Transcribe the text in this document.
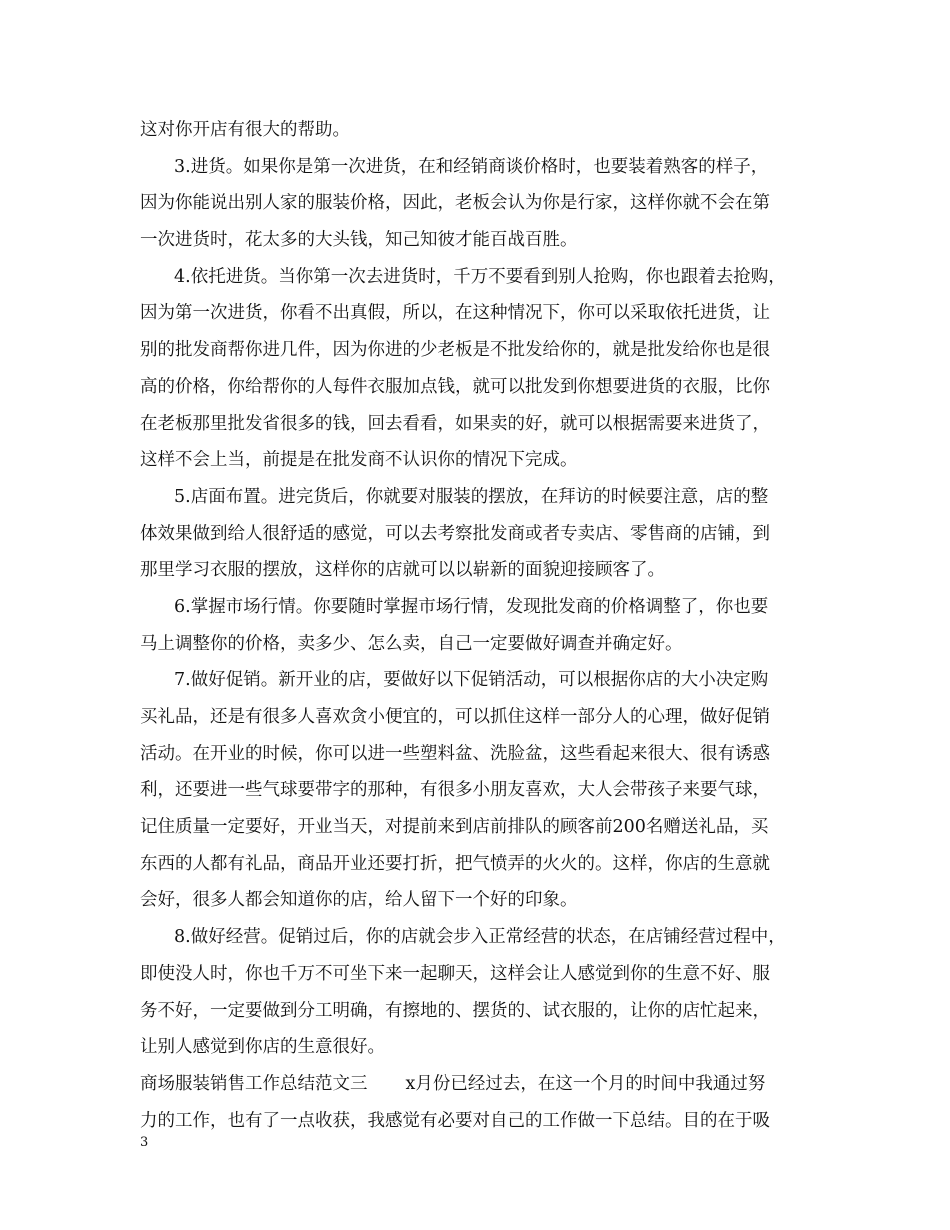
这对你开店有很大的帮助。
3.进货。如果你是第一次进货，在和经销商谈价格时，也要装着熟客的样子，
因为你能说出别人家的服装价格，因此，老板会认为你是行家，这样你就不会在第
一次进货时，花太多的大头钱，知己知彼才能百战百胜。
4.依托进货。当你第一次去进货时，千万不要看到别人抢购，你也跟着去抢购，
因为第一次进货，你看不出真假，所以，在这种情况下，你可以采取依托进货，让
别的批发商帮你进几件，因为你进的少老板是不批发给你的，就是批发给你也是很
高的价格，你给帮你的人每件衣服加点钱，就可以批发到你想要进货的衣服，比你
在老板那里批发省很多的钱，回去看看，如果卖的好，就可以根据需要来进货了，
这样不会上当，前提是在批发商不认识你的情况下完成。
5.店面布置。进完货后，你就要对服装的摆放，在拜访的时候要注意，店的整
体效果做到给人很舒适的感觉，可以去考察批发商或者专卖店、零售商的店铺，到
那里学习衣服的摆放，这样你的店就可以以崭新的面貌迎接顾客了。
6.掌握市场行情。你要随时掌握市场行情，发现批发商的价格调整了，你也要
马上调整你的价格，卖多少、怎么卖，自己一定要做好调查并确定好。
7.做好促销。新开业的店，要做好以下促销活动，可以根据你店的大小决定购
买礼品，还是有很多人喜欢贪小便宜的，可以抓住这样一部分人的心理，做好促销
活动。在开业的时候，你可以进一些塑料盆、洗脸盆，这些看起来很大、很有诱惑
利，还要进一些气球要带字的那种，有很多小朋友喜欢，大人会带孩子来要气球，
记住质量一定要好，开业当天，对提前来到店前排队的顾客前200名赠送礼品，买
东西的人都有礼品，商品开业还要打折，把气愤弄的火火的。这样，你店的生意就
会好，很多人都会知道你的店，给人留下一个好的印象。
8.做好经营。促销过后，你的店就会步入正常经营的状态，在店铺经营过程中，
即使没人时，你也千万不可坐下来一起聊天，这样会让人感觉到你的生意不好、服
务不好，一定要做到分工明确，有擦地的、摆货的、试衣服的，让你的店忙起来，
让别人感觉到你店的生意很好。
商场服装销售工作总结范文三 x月份已经过去，在这一个月的时间中我通过努
力的工作，也有了一点收获，我感觉有必要对自己的工作做一下总结。目的在于吸
3
